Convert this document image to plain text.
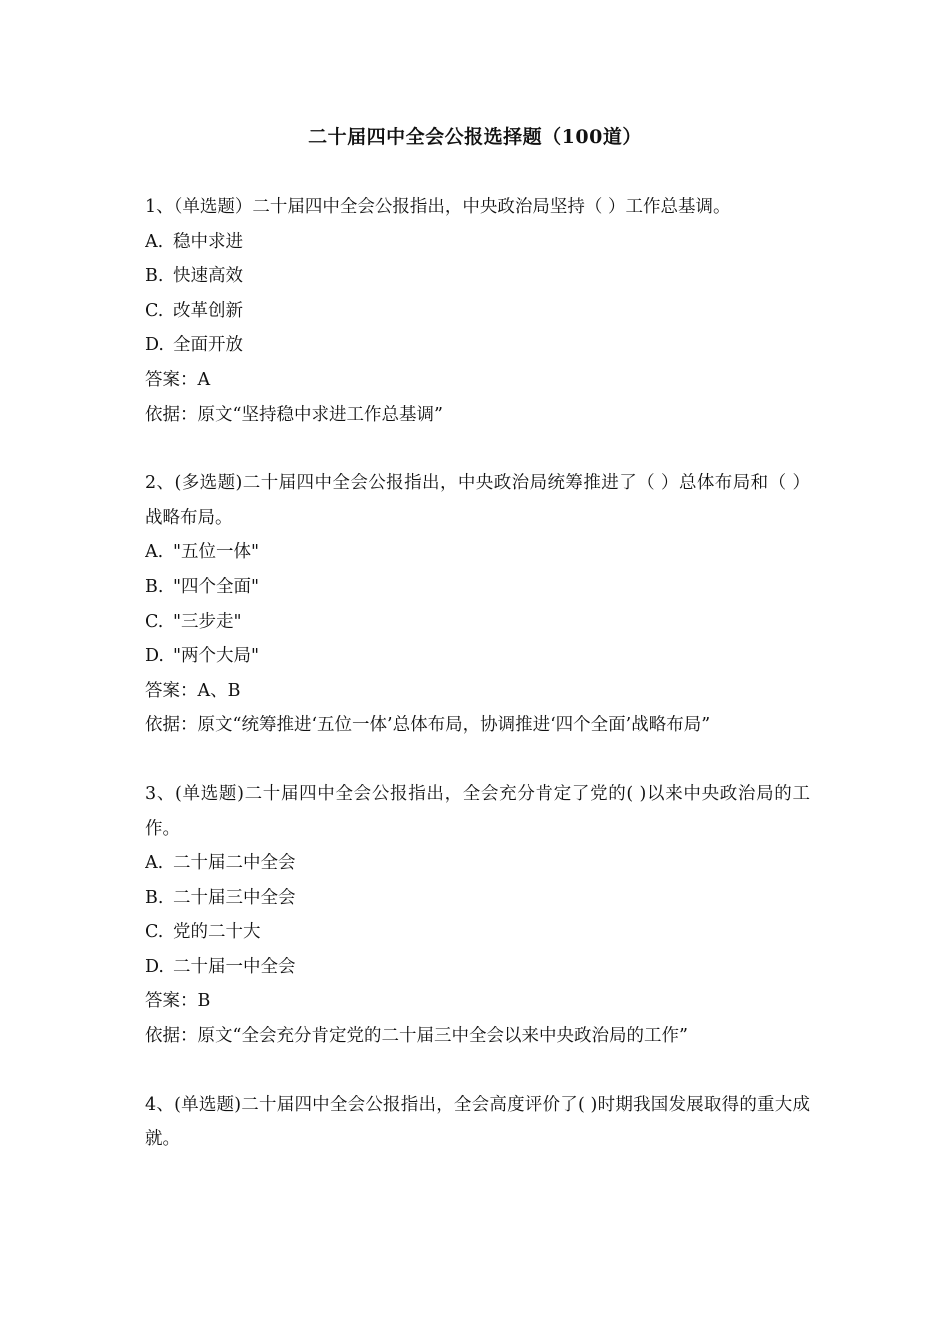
二十届四中全会公报选择题（100道）
1、（单选题）二十届四中全会公报指出，中央政治局坚持（ ）工作总基调。
A. 稳中求进
B. 快速高效
C. 改革创新
D. 全面开放
答案：A
依据：原文“坚持稳中求进工作总基调”
2、(多选题)二十届四中全会公报指出，中央政治局统筹推进了（ ）总体布局和（ ）战略布局。
A. "五位一体"
B. "四个全面"
C. "三步走"
D. "两个大局"
答案：A、B
依据：原文“统筹推进‘五位一体’总体布局，协调推进‘四个全面’战略布局”
3、(单选题)二十届四中全会公报指出，全会充分肯定了党的( )以来中央政治局的工作。
A. 二十届二中全会
B. 二十届三中全会
C. 党的二十大
D. 二十届一中全会
答案：B
依据：原文“全会充分肯定党的二十届三中全会以来中央政治局的工作”
4、(单选题)二十届四中全会公报指出，全会高度评价了( )时期我国发展取得的重大成就。
